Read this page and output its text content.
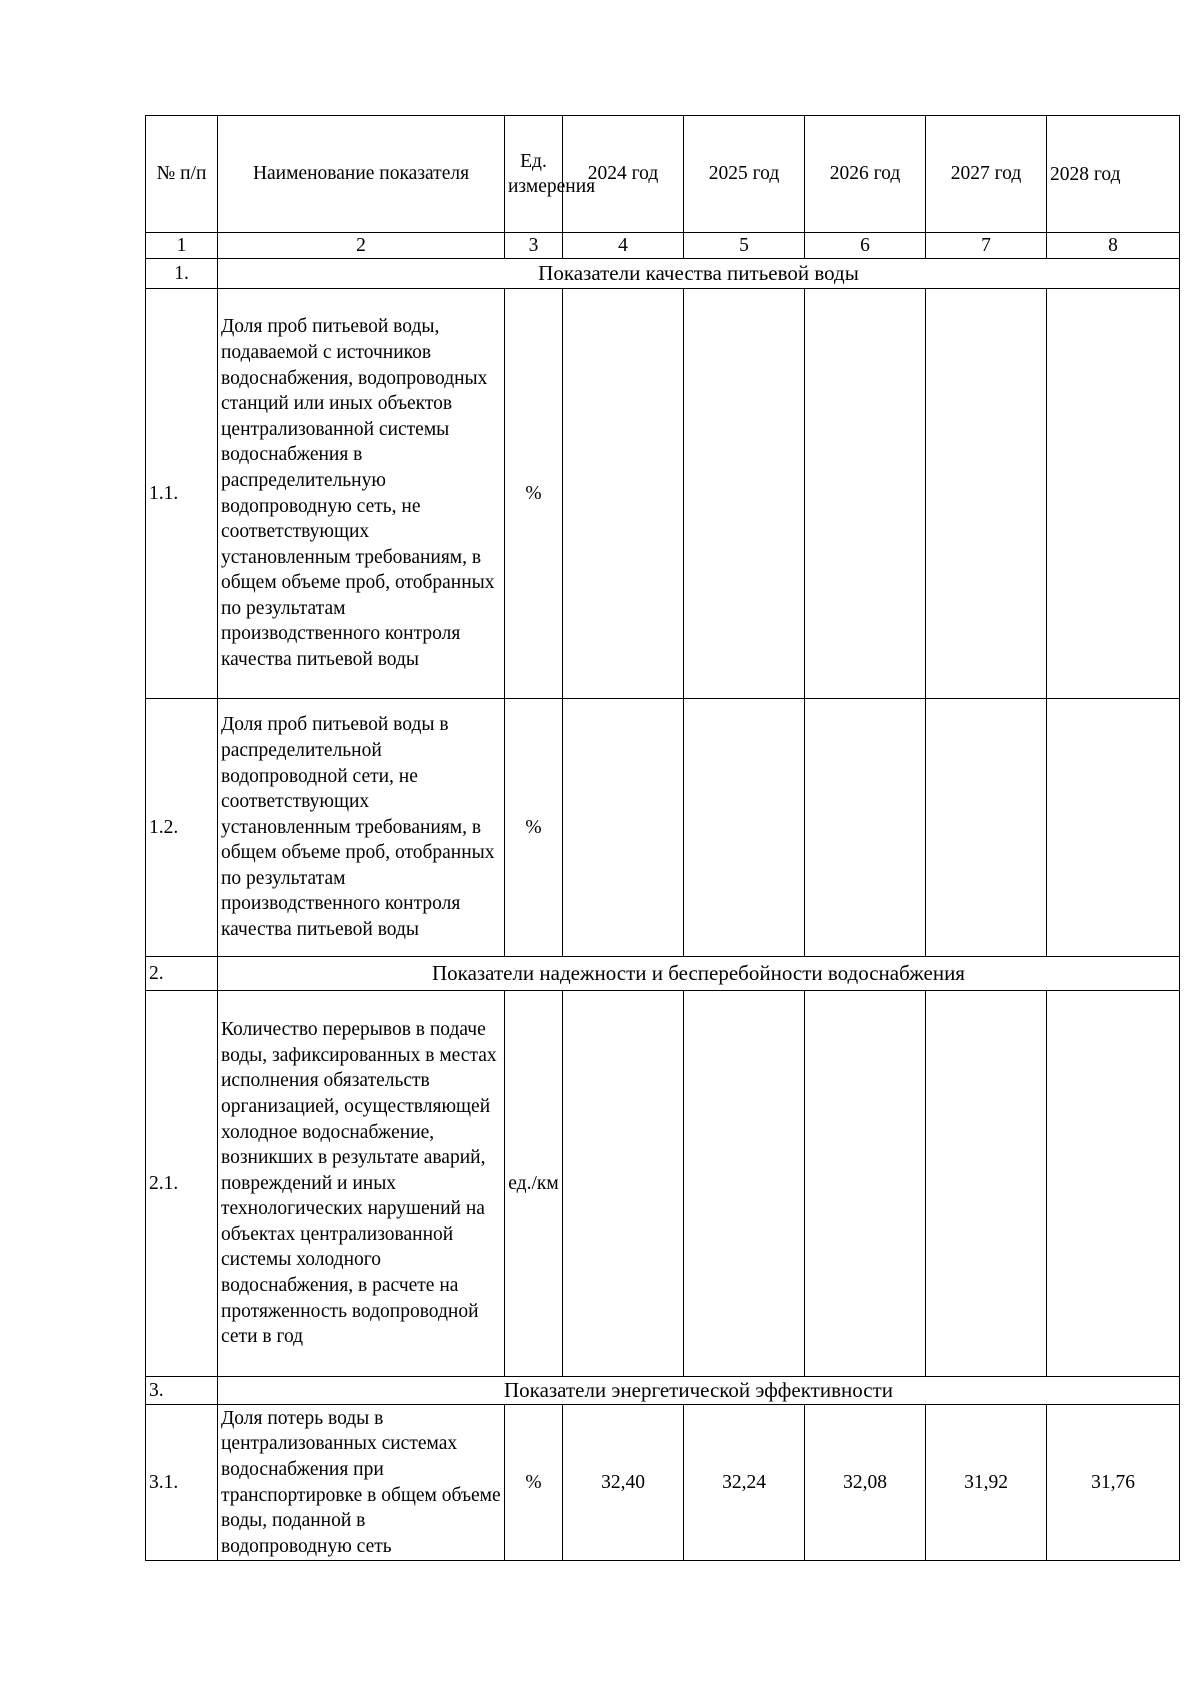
№ п/п	Наименование показателя	Ед. измерения	2024 год	2025 год	2026 год	2027 год	2028 год
1	2	3	4	5	6	7	8
1.	Показатели качества питьевой воды						
1.1.	Доля проб питьевой воды, подаваемой с источников водоснабжения, водопроводных станций или иных объектов централизованной системы водоснабжения в распределительную водопроводную сеть, не соответствующих установленным требованиям, в общем объеме проб, отобранных по результатам производственного контроля качества питьевой воды	%					
1.2.	Доля проб питьевой воды в распределительной водопроводной сети, не соответствующих установленным требованиям, в общем объеме проб, отобранных по результатам производственного контроля качества питьевой воды	%					
2.	Показатели надежности и бесперебойности водоснабжения						
2.1.	Количество перерывов в подаче воды, зафиксированных в местах исполнения обязательств организацией, осуществляющей холодное водоснабжение, возникших в результате аварий, повреждений и иных технологических нарушений на объектах централизованной системы холодного водоснабжения, в расчете на протяженность водопроводной сети в год	ед./км					
3.	Показатели энергетической эффективности						
3.1.	Доля потерь воды в централизованных системах водоснабжения при транспортировке в общем объеме воды, поданной в водопроводную сеть	%	32,40	32,24	32,08	31,92	31,76
